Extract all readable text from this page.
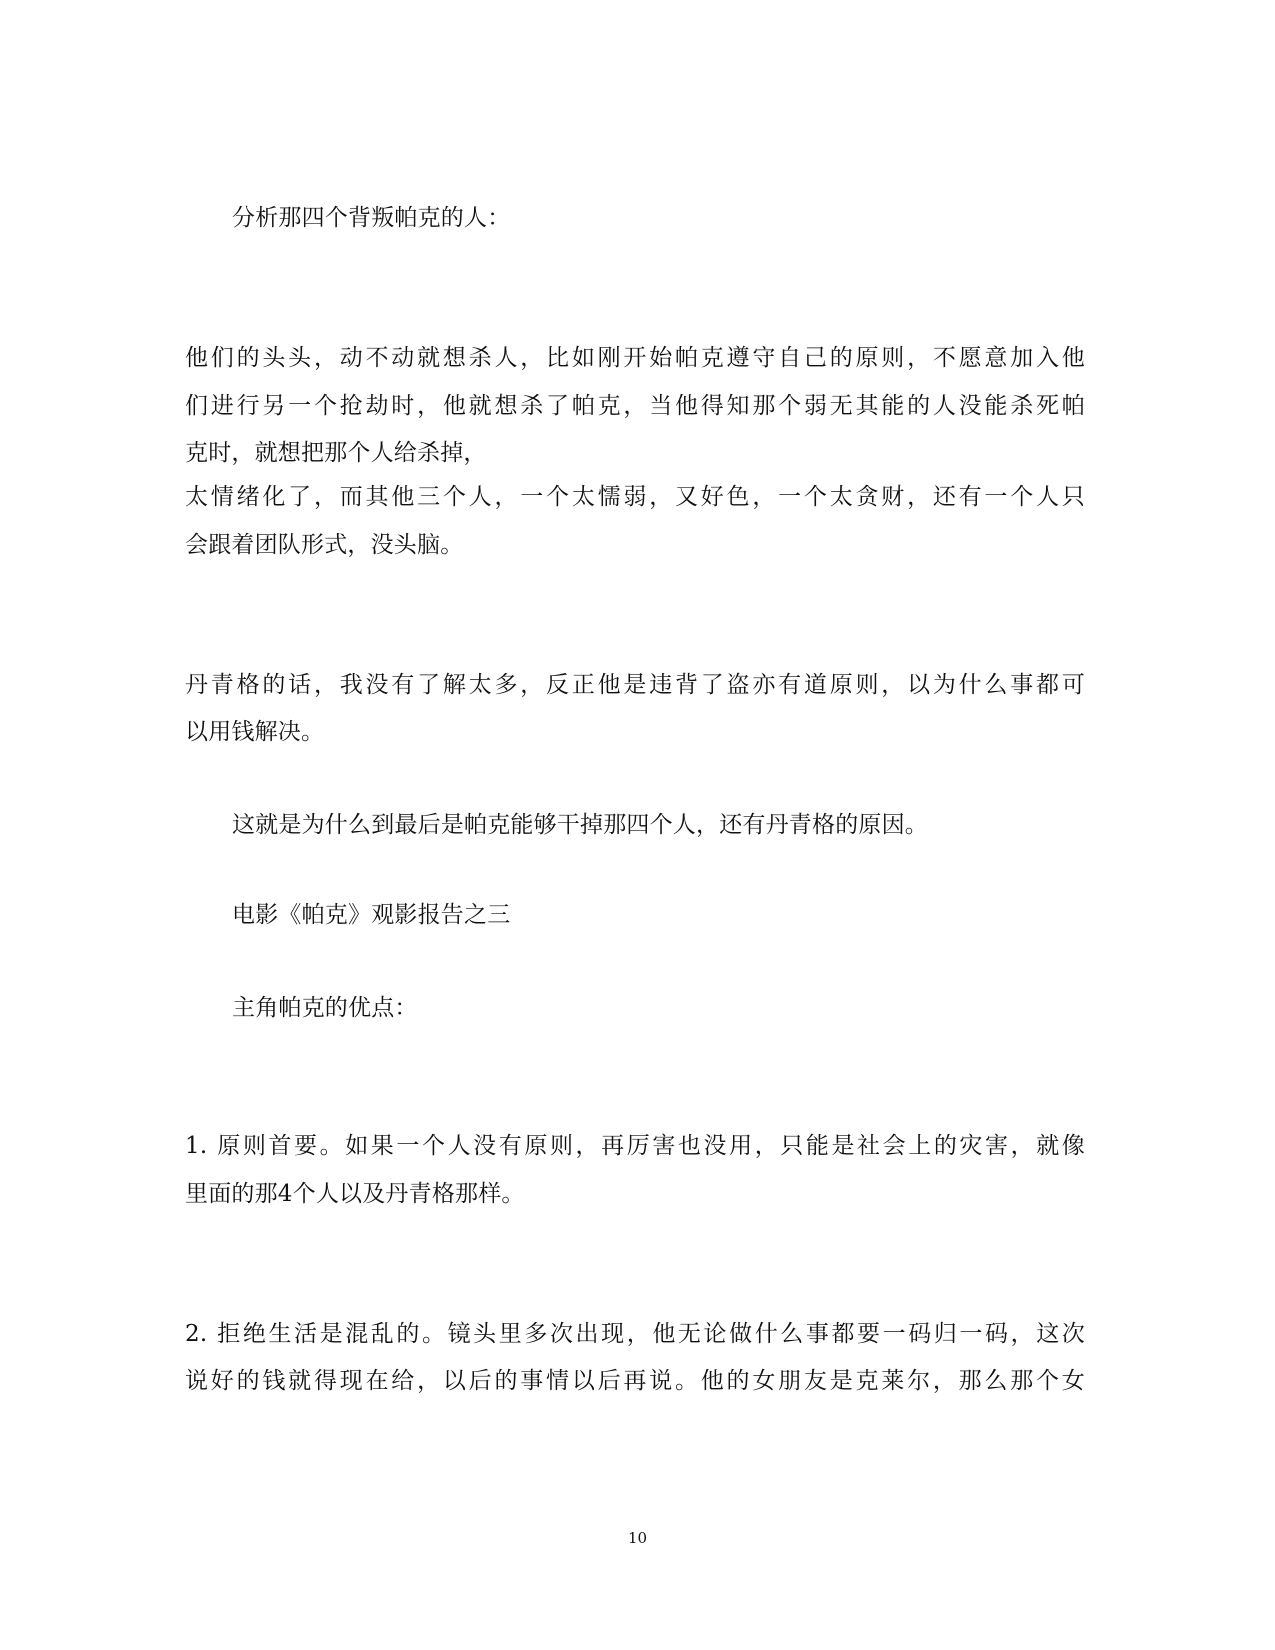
分析那四个背叛帕克的人：
他们的头头，动不动就想杀人，比如刚开始帕克遵守自己的原则，不愿意加入他
们进行另一个抢劫时，他就想杀了帕克，当他得知那个弱无其能的人没能杀死帕
克时，就想把那个人给杀掉，
太情绪化了，而其他三个人，一个太懦弱，又好色，一个太贪财，还有一个人只
会跟着团队形式，没头脑。
丹青格的话，我没有了解太多，反正他是违背了盗亦有道原则，以为什么事都可
以用钱解决。
这就是为什么到最后是帕克能够干掉那四个人，还有丹青格的原因。
电影《帕克》观影报告之三
主角帕克的优点：
1. 原则首要。如果一个人没有原则，再厉害也没用，只能是社会上的灾害，就像
里面的那4个人以及丹青格那样。
2. 拒绝生活是混乱的。镜头里多次出现，他无论做什么事都要一码归一码，这次
说好的钱就得现在给，以后的事情以后再说。他的女朋友是克莱尔，那么那个女
10
